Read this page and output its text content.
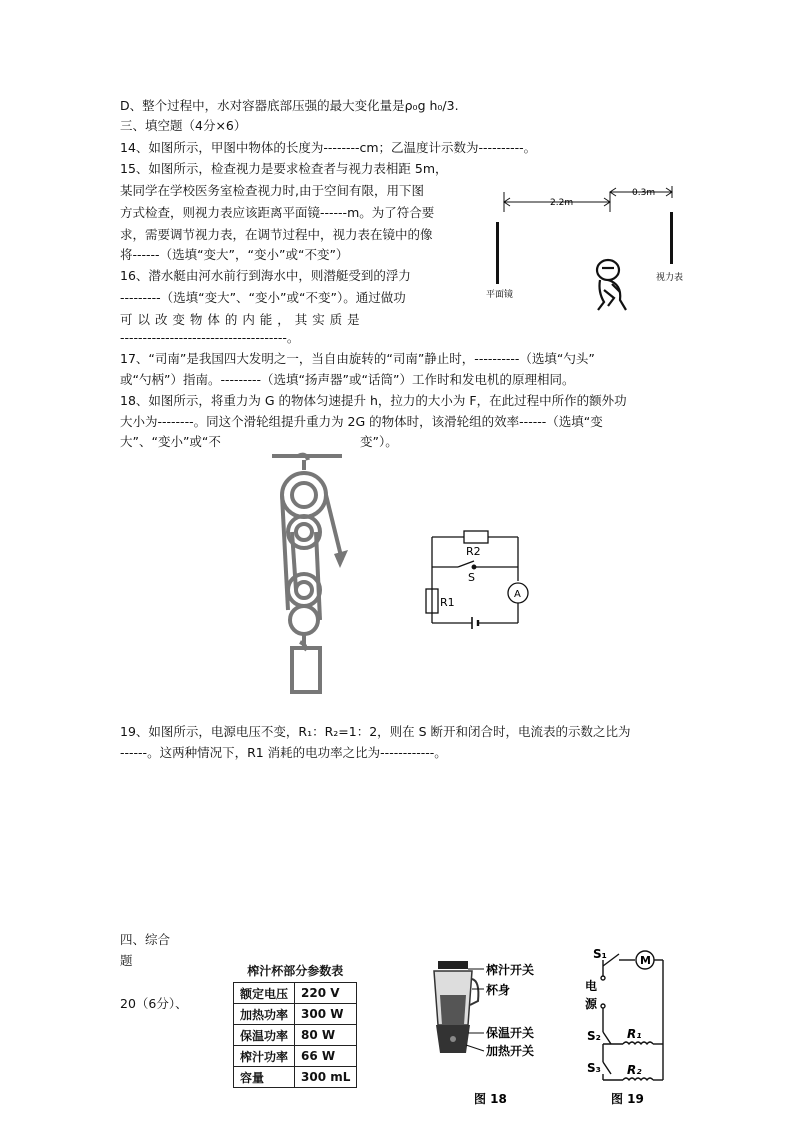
D、整个过程中，水对容器底部压强的最大变化量是ρ₀g h₀/3.
三、填空题（4分×6）
14、如图所示，甲图中物体的长度为--------cm；乙温度计示数为----------。
15、如图所示，检查视力是要求检查者与视力表相距 5m，
某同学在学校医务室检查视力时,由于空间有限，用下图
方式检查，则视力表应该距离平面镜------m。为了符合要
求，需要调节视力表，在调节过程中，视力表在镜中的像
将------（选填“变大”，“变小”或“不变”）
16、潜水艇由河水前行到海水中，则潜艇受到的浮力
---------（选填“变大”、“变小”或“不变”）。通过做功
可 以 改 变 物 体 的 内 能 ， 其 实 质 是
-------------------------------------。
17、“司南”是我国四大发明之一，当自由旋转的“司南”静止时，----------（选填“勺头”
或“勺柄”）指南。---------（选填“扬声器”或“话筒”）工作时和发电机的原理相同。
18、如图所示，将重力为 G 的物体匀速提升 h，拉力的大小为 F，在此过程中所作的额外功
大小为--------。同这个滑轮组提升重力为 2G 的物体时，该滑轮组的效率------（选填“变
大”、“变小”或“不	变”）。
19、如图所示，电源电压不变，R₁：R₂=1：2，则在 S 断开和闭合时，电流表的示数之比为
------。这两种情况下，R1 消耗的电功率之比为------------。
四、综合
题
20（6分）、
2.2m
0.3m
平面镜
视力表
R2
S
R1
A
榨汁杯部分参数表
额定电压	220 V
加热功率	300 W
保温功率	80 W
榨汁功率	66 W
容量	300 mL
榨汁开关
杯身
保温开关
加热开关
图 18
S₁	M
电
源
S₂ R₁
S₃ R₂
图 19
